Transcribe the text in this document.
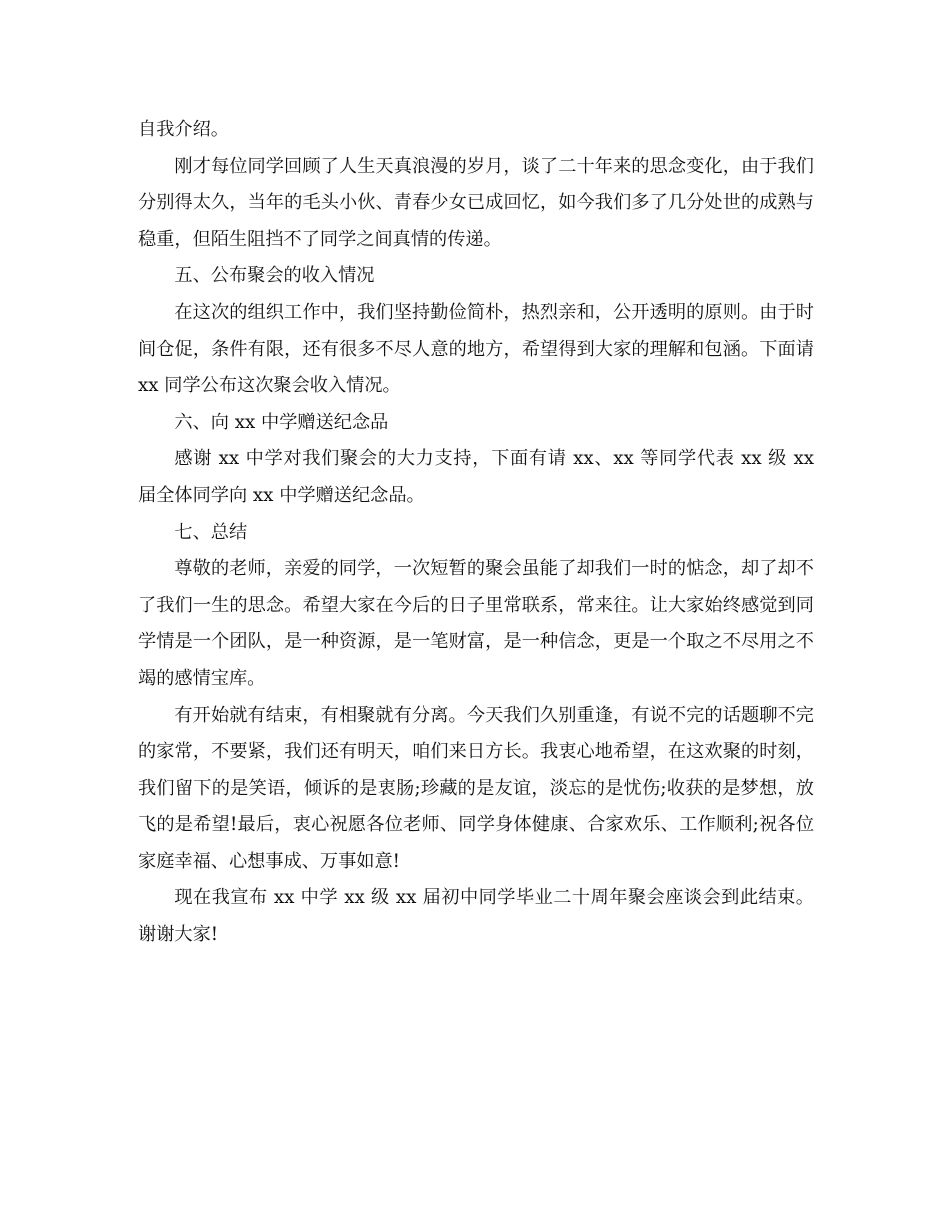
自我介绍。

刚才每位同学回顾了人生天真浪漫的岁月，谈了二十年来的思念变化，由于我们分别得太久，当年的毛头小伙、青春少女已成回忆，如今我们多了几分处世的成熟与稳重，但陌生阻挡不了同学之间真情的传递。

五、公布聚会的收入情况

在这次的组织工作中，我们坚持勤俭简朴，热烈亲和，公开透明的原则。由于时间仓促，条件有限，还有很多不尽人意的地方，希望得到大家的理解和包涵。下面请 xx 同学公布这次聚会收入情况。

六、向 xx 中学赠送纪念品

感谢 xx 中学对我们聚会的大力支持，下面有请 xx、xx 等同学代表 xx 级 xx 届全体同学向 xx 中学赠送纪念品。

七、总结

尊敬的老师，亲爱的同学，一次短暂的聚会虽能了却我们一时的惦念，却了却不了我们一生的思念。希望大家在今后的日子里常联系，常来往。让大家始终感觉到同学情是一个团队，是一种资源，是一笔财富，是一种信念，更是一个取之不尽用之不竭的感情宝库。

有开始就有结束，有相聚就有分离。今天我们久别重逢，有说不完的话题聊不完的家常，不要紧，我们还有明天，咱们来日方长。我衷心地希望，在这欢聚的时刻，我们留下的是笑语，倾诉的是衷肠;珍藏的是友谊，淡忘的是忧伤;收获的是梦想，放飞的是希望!最后，衷心祝愿各位老师、同学身体健康、合家欢乐、工作顺利;祝各位家庭幸福、心想事成、万事如意!

现在我宣布 xx 中学 xx 级 xx 届初中同学毕业二十周年聚会座谈会到此结束。谢谢大家!
